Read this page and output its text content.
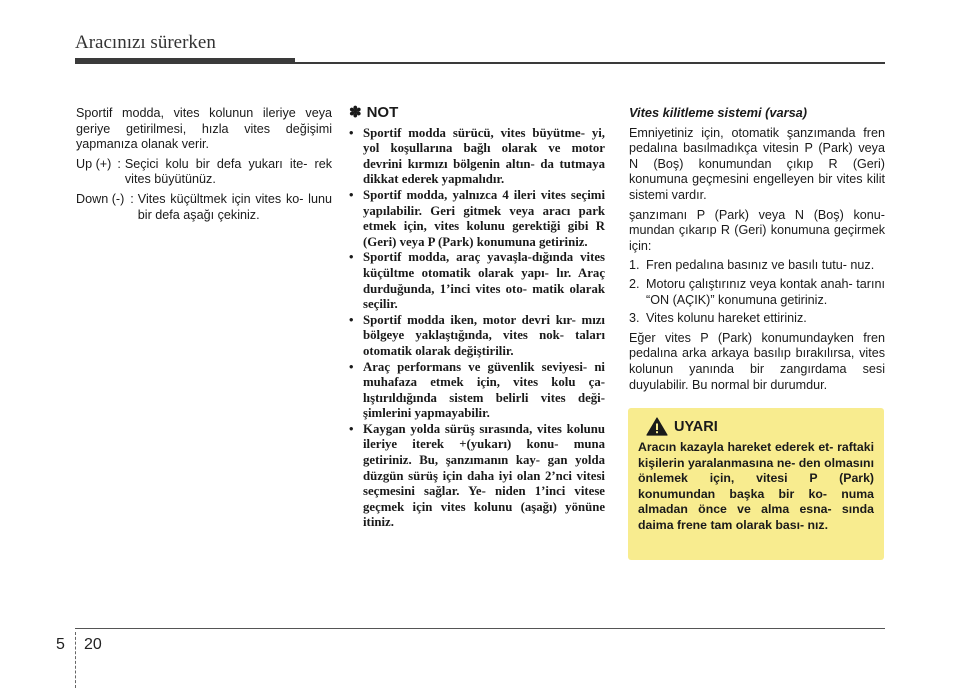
Aracınızı sürerken

Sportif modda, vites kolunun ileriye veya geriye getirilmesi, hızla vites değişimi yapmanıza olanak verir.

Up (+) : Seçici kolu bir defa yukarı ite- rek vites büyütünüz.
Down (-) : Vites küçültmek için vites ko- lunu bir defa aşağı çekiniz.
✽ NOT
• Sportif modda sürücü, vites büyütme- yi, yol koşullarına bağlı olarak ve motor devrini kırmızı bölgenin altın- da tutmaya dikkat ederek yapmalıdır.
• Sportif modda, yalnızca 4 ileri vites seçimi yapılabilir. Geri gitmek veya aracı park etmek için, vites kolunu gerektiği gibi R (Geri) veya P (Park) konumuna getiriniz.
• Sportif modda, araç yavaşla-dığında vites küçültme otomatik olarak yapı- lır. Araç durduğunda, 1’inci vites oto- matik olarak seçilir.
• Sportif modda iken, motor devri kır- mızı bölgeye yaklaştığında, vites nok- taları otomatik olarak değiştirilir.
• Araç performans ve güvenlik seviyesi- ni muhafaza etmek için, vites kolu ça- lıştırıldığında sistem belirli vites deği- şimlerini yapmayabilir.
• Kaygan yolda sürüş sırasında, vites kolunu ileriye iterek +(yukarı) konu- muna getiriniz. Bu, şanzımanın kay- gan yolda düzgün sürüş için daha iyi olan 2’nci vitesi seçmesini sağlar. Ye- niden 1’inci vitese geçmek için vites kolunu (aşağı) yönüne itiniz.
Vites kilitleme sistemi (varsa)

Emniyetiniz için, otomatik şanzımanda fren pedalına basılmadıkça vitesin P (Park) veya N (Boş) konumundan çıkıp R (Geri) konumuna geçmesini engelleyen bir vites kilit sistemi vardır.

şanzımanı P (Park) veya N (Boş) konu- mundan çıkarıp R (Geri) konumuna geçirmek için:

1. Fren pedalına basınız ve basılı tutu- nuz.
2. Motoru çalıştırınız veya kontak anah- tarını “ON (AÇIK)” konumuna getiriniz.
3. Vites kolunu hareket ettiriniz.

Eğer vites P (Park) konumundayken fren pedalına arka arkaya basılıp bırakılırsa, vites kolunun yanında bir zangırdama sesi duyulabilir. Bu normal bir durumdur.

UYARI
Aracın kazayla hareket ederek et- raftaki kişilerin yaralanmasına ne- den olmasını önlemek için, vitesi P (Park) konumundan başka bir ko- numa almadan önce ve alma esna- sında daima frene tam olarak bası- nız.
5 20
